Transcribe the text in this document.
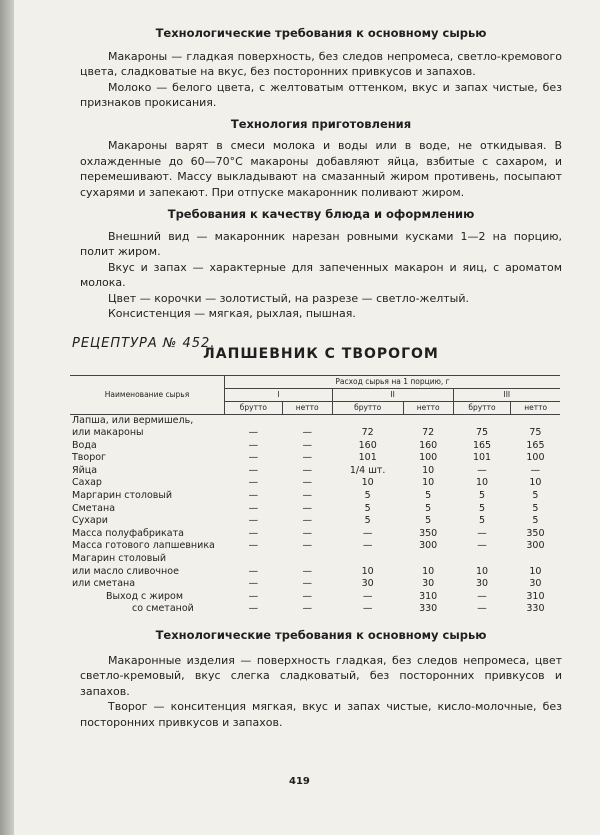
Технологические требования к основному сырью

Макароны — гладкая поверхность, без следов непромеса, светло-кремового цвета, сладковатые на вкус, без посторонних привкусов и запахов.

Молоко — белого цвета, с желтоватым оттенком, вкус и запах чистые, без признаков прокисания.

Технология приготовления

Макароны варят в смеси молока и воды или в воде, не откидывая. В охлажденные до 60—70°С макароны добавляют яйца, взбитые с сахаром, и перемешивают. Массу выкладывают на смазанный жиром противень, посыпают сухарями и запекают. При отпуске макаронник поливают жиром.

Требования к качеству блюда и оформлению

Внешний вид — макаронник нарезан ровными кусками 1—2 на порцию, полит жиром.

Вкус и запах — характерные для запеченных макарон и яиц, с ароматом молока.

Цвет — корочки — золотистый, на разрезе — светло-желтый.

Консистенция — мягкая, рыхлая, пышная.

РЕЦЕПТУРА № 452.
ЛАПШЕВНИК С ТВОРОГОМ
Наименование сырья	Расход сырья на 1 порцию, г					
	I		II		III	
	брутто	нетто	брутто	нетто	брутто	нетто
Лапша, или вермишель,						
или макароны	—	—	72	72	75	75
Вода	—	—	160	160	165	165
Творог	—	—	101	100	101	100
Яйца	—	—	1/4 шт.	10	—	—
Сахар	—	—	10	10	10	10
Маргарин столовый	—	—	5	5	5	5
Сметана	—	—	5	5	5	5
Сухари	—	—	5	5	5	5
Масса полуфабриката	—	—	—	350	—	350
Масса готового лапшевника	—	—	—	300	—	300
Магарин столовый						
или масло сливочное	—	—	10	10	10	10
или сметана	—	—	30	30	30	30
Выход с жиром	—	—	—	310	—	310
со сметаной	—	—	—	330	—	330
Технологические требования к основному сырью

Макаронные изделия — поверхность гладкая, без следов непромеса, цвет светло-кремовый, вкус слегка сладковатый, без посторонних привкусов и запахов.

Творог — конситенция мягкая, вкус и запах чистые, кисло-молочные, без посторонних привкусов и запахов.

419
